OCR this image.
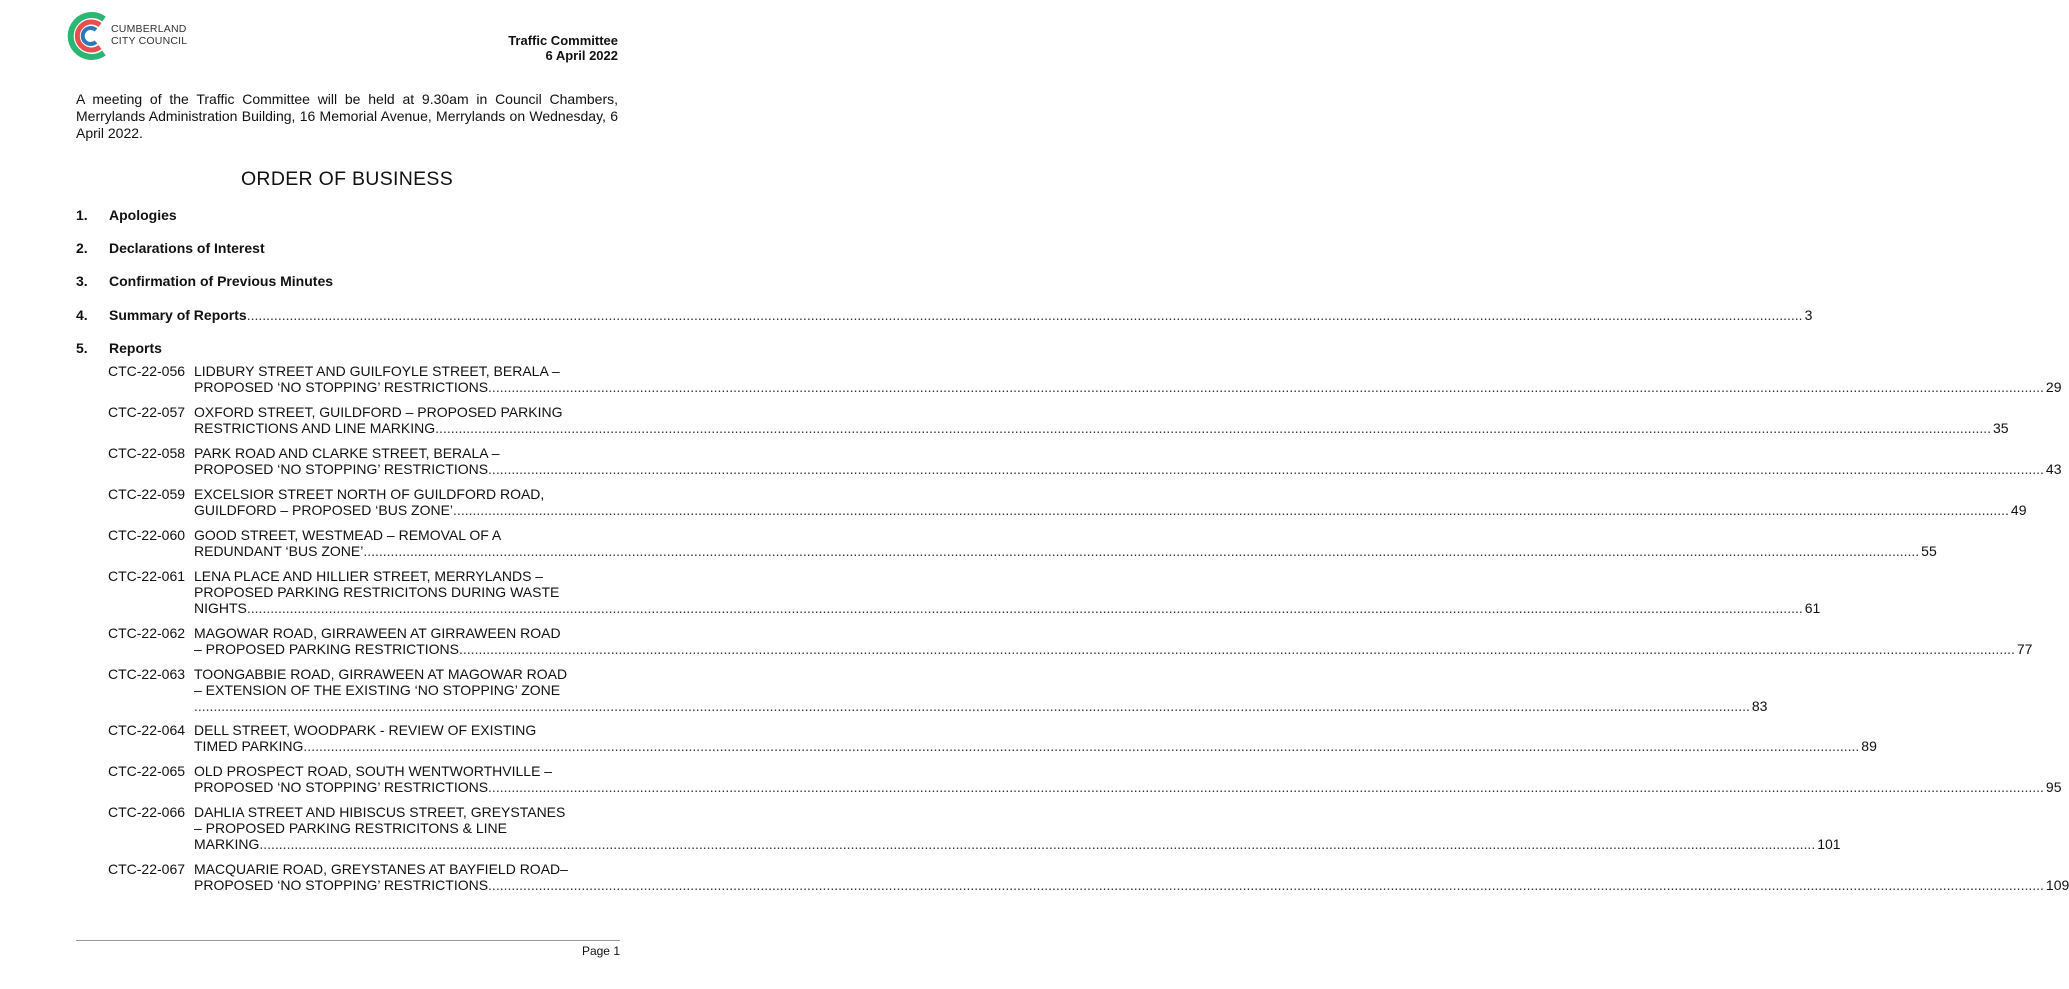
CUMBERLAND
CITY COUNCIL	Traffic Committee
6 April 2022
A meeting of the Traffic Committee will be held at 9.30am in Council Chambers, Merrylands Administration Building, 16 Memorial Avenue, Merrylands on Wednesday, 6 April 2022.
ORDER OF BUSINESS
1. Apologies
2. Declarations of Interest
3. Confirmation of Previous Minutes
4. Summary of Reports ................................................................................................................................................................................................................................................................................................................................................................................................................ 3
5. Reports
CTC-22-056 LIDBURY STREET AND GUILFOYLE STREET, BERALA –
PROPOSED ‘NO STOPPING’ RESTRICTIONS ................................................................................................................................................................................................................................................................................................................................................................................................................ 29
CTC-22-057 OXFORD STREET, GUILDFORD – PROPOSED PARKING
RESTRICTIONS AND LINE MARKING ................................................................................................................................................................................................................................................................................................................................................................................................................ 35
CTC-22-058 PARK ROAD AND CLARKE STREET, BERALA –
PROPOSED ‘NO STOPPING’ RESTRICTIONS ................................................................................................................................................................................................................................................................................................................................................................................................................ 43
CTC-22-059 EXCELSIOR STREET NORTH OF GUILDFORD ROAD,
GUILDFORD – PROPOSED ‘BUS ZONE’ ................................................................................................................................................................................................................................................................................................................................................................................................................ 49
CTC-22-060 GOOD STREET, WESTMEAD – REMOVAL OF A
REDUNDANT ‘BUS ZONE’ ................................................................................................................................................................................................................................................................................................................................................................................................................ 55
CTC-22-061 LENA PLACE AND HILLIER STREET, MERRYLANDS –
PROPOSED PARKING RESTRICITONS DURING WASTE
NIGHTS ................................................................................................................................................................................................................................................................................................................................................................................................................ 61
CTC-22-062 MAGOWAR ROAD, GIRRAWEEN AT GIRRAWEEN ROAD
– PROPOSED PARKING RESTRICTIONS ................................................................................................................................................................................................................................................................................................................................................................................................................ 77
CTC-22-063 TOONGABBIE ROAD, GIRRAWEEN AT MAGOWAR ROAD
– EXTENSION OF THE EXISTING ‘NO STOPPING’ ZONE
................................................................................................................................................................................................................................................................................................................................................................................................................ 83
CTC-22-064 DELL STREET, WOODPARK - REVIEW OF EXISTING
TIMED PARKING ................................................................................................................................................................................................................................................................................................................................................................................................................ 89
CTC-22-065 OLD PROSPECT ROAD, SOUTH WENTWORTHVILLE –
PROPOSED ‘NO STOPPING’ RESTRICTIONS ................................................................................................................................................................................................................................................................................................................................................................................................................ 95
CTC-22-066 DAHLIA STREET AND HIBISCUS STREET, GREYSTANES
– PROPOSED PARKING RESTRICITONS & LINE
MARKING ................................................................................................................................................................................................................................................................................................................................................................................................................ 101
CTC-22-067 MACQUARIE ROAD, GREYSTANES AT BAYFIELD ROAD–
PROPOSED ‘NO STOPPING’ RESTRICTIONS ................................................................................................................................................................................................................................................................................................................................................................................................................ 109
Page 1
